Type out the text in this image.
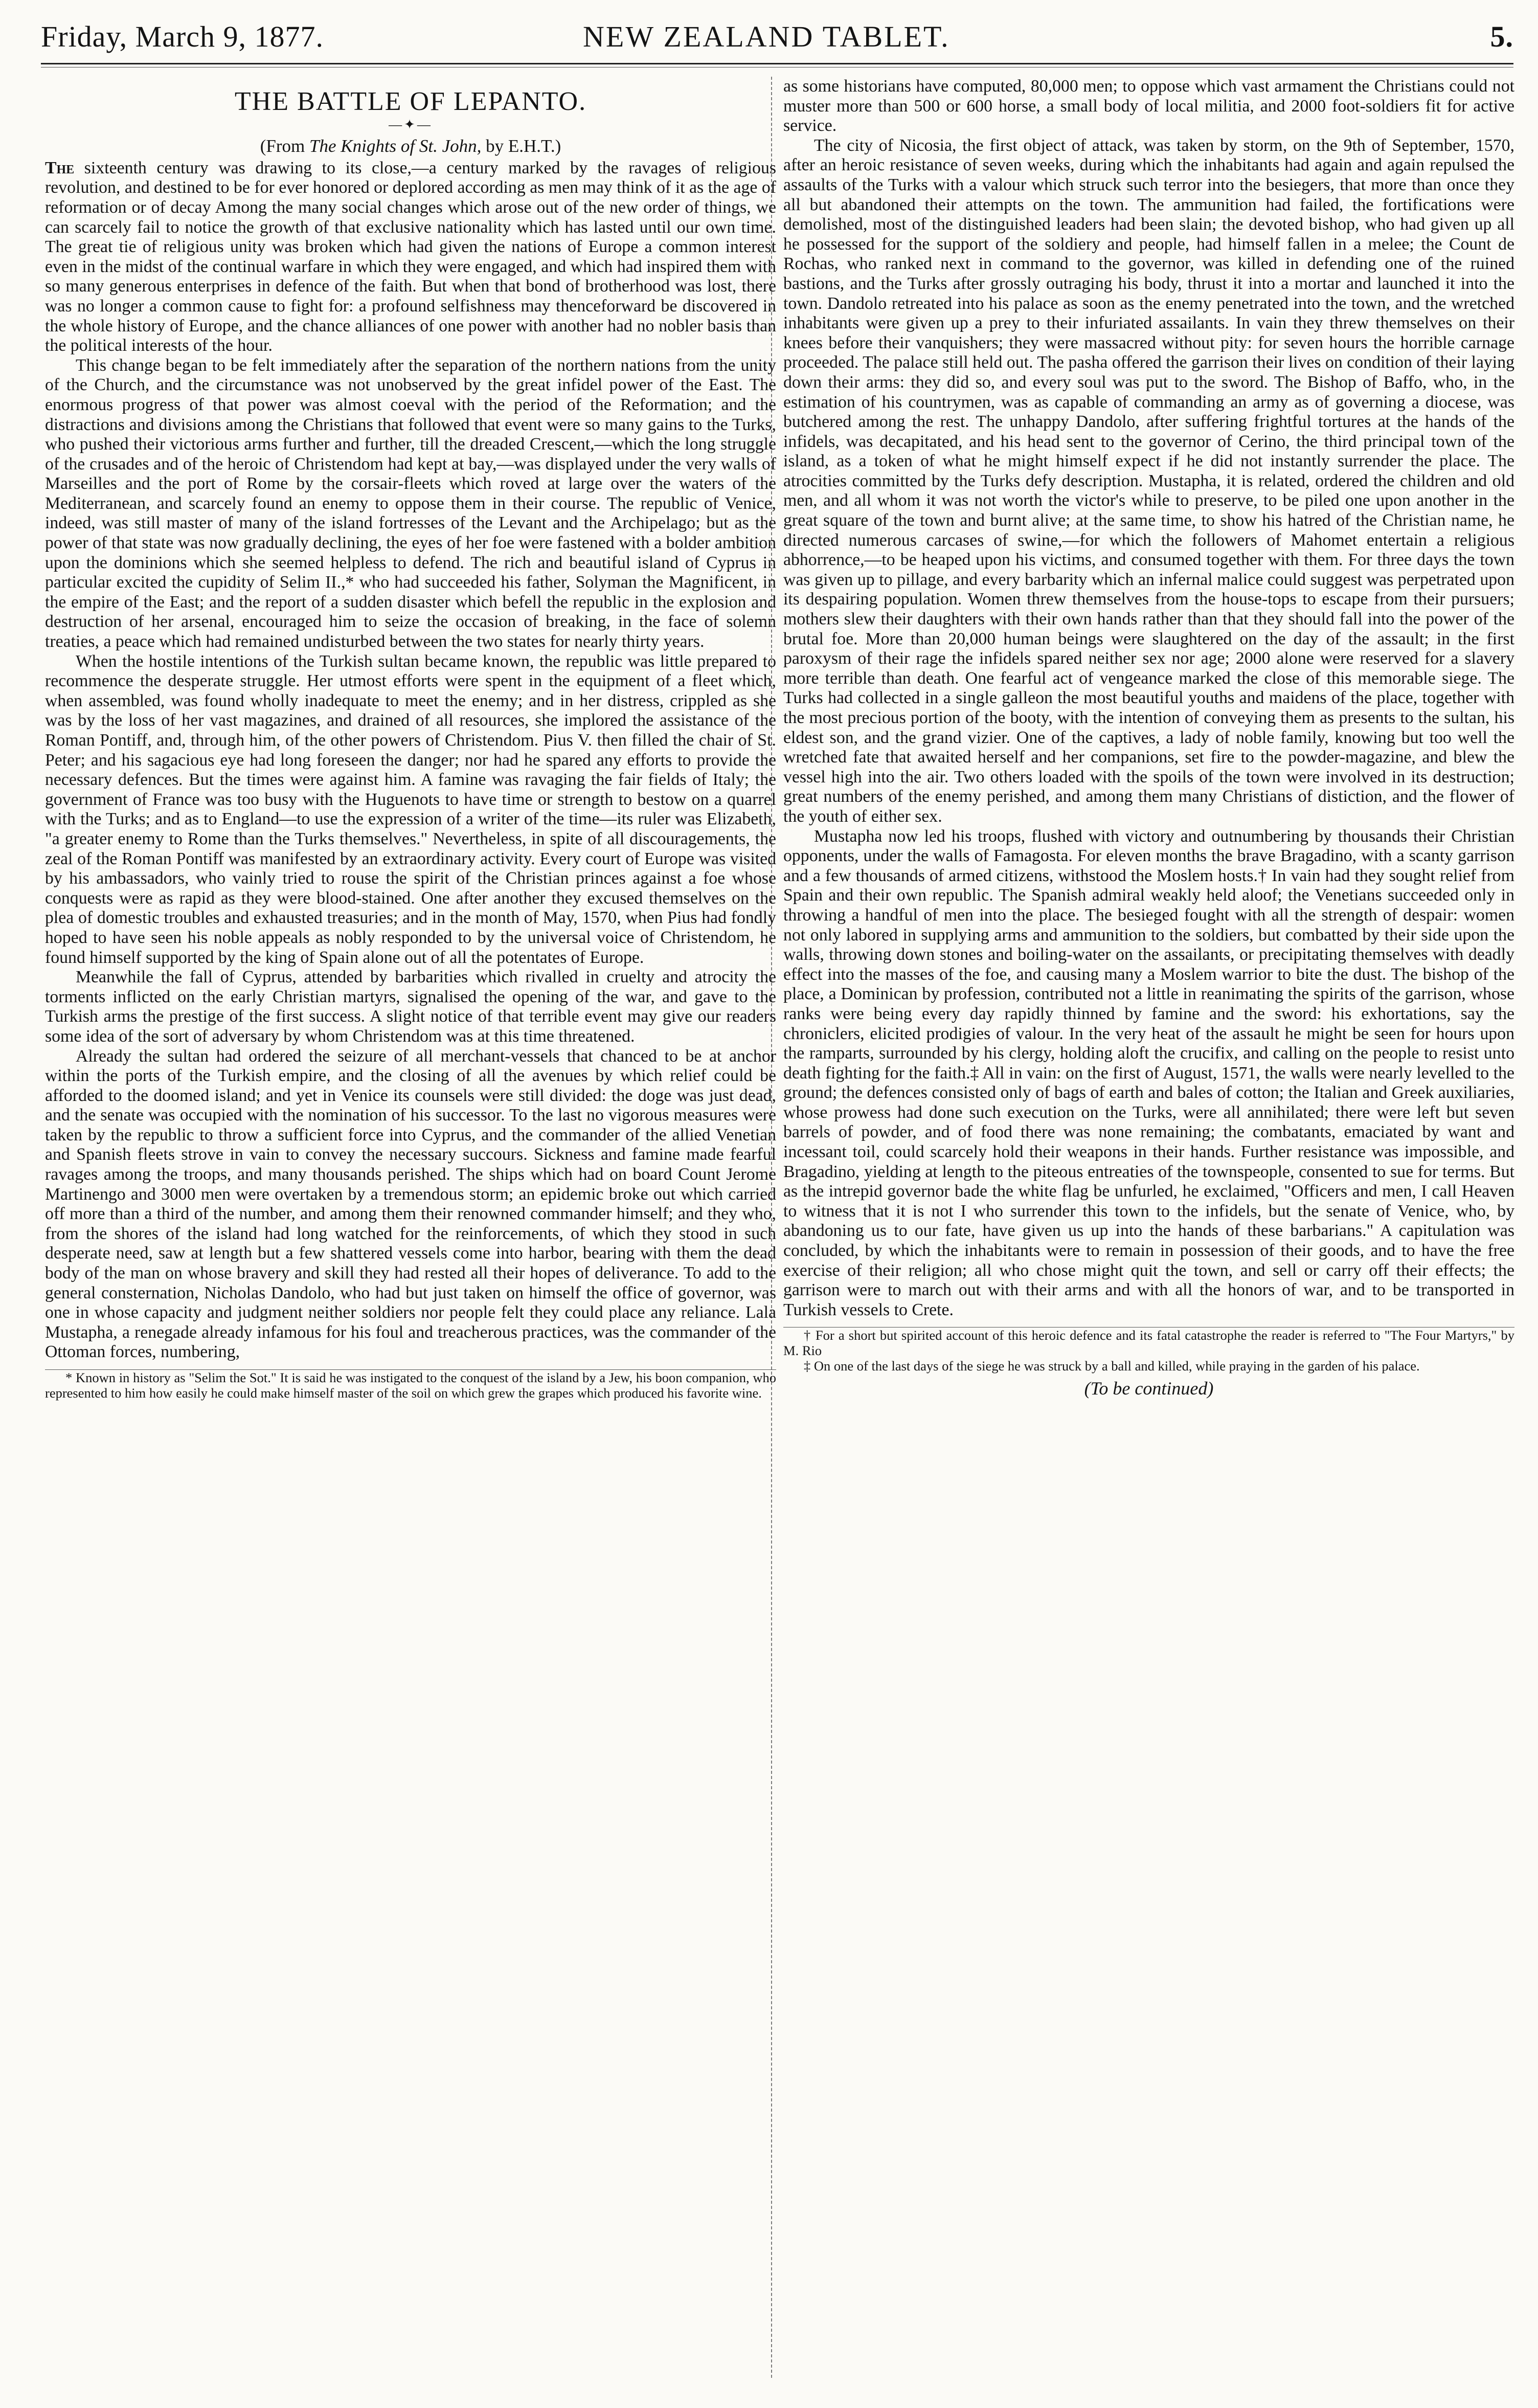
Friday, March 9, 1877.	NEW ZEALAND TABLET.	5.
THE BATTLE OF LEPANTO.
—✦—
(From The Knights of St. John, by E.H.T.)

The sixteenth century was drawing to its close,—a century marked by the ravages of religious revolution, and destined to be for ever honored or deplored according as men may think of it as the age of reformation or of decay Among the many social changes which arose out of the new order of things, we can scarcely fail to notice the growth of that exclusive nationality which has lasted until our own time. The great tie of religious unity was broken which had given the nations of Europe a common interest even in the midst of the continual warfare in which they were engaged, and which had inspired them with so many generous enterprises in defence of the faith. But when that bond of brotherhood was lost, there was no longer a common cause to fight for: a profound selfishness may thenceforward be discovered in the whole history of Europe, and the chance alliances of one power with another had no nobler basis than the political interests of the hour.

This change began to be felt immediately after the separation of the northern nations from the unity of the Church, and the circumstance was not unobserved by the great infidel power of the East. The enormous progress of that power was almost coeval with the period of the Reformation; and the distractions and divisions among the Christians that followed that event were so many gains to the Turks, who pushed their victorious arms further and further, till the dreaded Crescent,—which the long struggle of the crusades and of the heroic of Christendom had kept at bay,—was displayed under the very walls of Marseilles and the port of Rome by the corsair-fleets which roved at large over the waters of the Mediterranean, and scarcely found an enemy to oppose them in their course. The republic of Venice, indeed, was still master of many of the island fortresses of the Levant and the Archipelago; but as the power of that state was now gradually declining, the eyes of her foe were fastened with a bolder ambition upon the dominions which she seemed helpless to defend. The rich and beautiful island of Cyprus in particular excited the cupidity of Selim II.,* who had succeeded his father, Solyman the Magnificent, in the empire of the East; and the report of a sudden disaster which befell the republic in the explosion and destruction of her arsenal, encouraged him to seize the occasion of breaking, in the face of solemn treaties, a peace which had remained undisturbed between the two states for nearly thirty years.

When the hostile intentions of the Turkish sultan became known, the republic was little prepared to recommence the desperate struggle. Her utmost efforts were spent in the equipment of a fleet which, when assembled, was found wholly inadequate to meet the enemy; and in her distress, crippled as she was by the loss of her vast magazines, and drained of all resources, she implored the assistance of the Roman Pontiff, and, through him, of the other powers of Christendom. Pius V. then filled the chair of St. Peter; and his sagacious eye had long foreseen the danger; nor had he spared any efforts to provide the necessary defences. But the times were against him. A famine was ravaging the fair fields of Italy; the government of France was too busy with the Huguenots to have time or strength to bestow on a quarrel with the Turks; and as to England—to use the expression of a writer of the time—its ruler was Elizabeth, "a greater enemy to Rome than the Turks themselves." Nevertheless, in spite of all discouragements, the zeal of the Roman Pontiff was manifested by an extraordinary activity. Every court of Europe was visited by his ambassadors, who vainly tried to rouse the spirit of the Christian princes against a foe whose conquests were as rapid as they were blood-stained. One after another they excused themselves on the plea of domestic troubles and exhausted treasuries; and in the month of May, 1570, when Pius had fondly hoped to have seen his noble appeals as nobly responded to by the universal voice of Christendom, he found himself supported by the king of Spain alone out of all the potentates of Europe.

Meanwhile the fall of Cyprus, attended by barbarities which rivalled in cruelty and atrocity the torments inflicted on the early Christian martyrs, signalised the opening of the war, and gave to the Turkish arms the prestige of the first success. A slight notice of that terrible event may give our readers some idea of the sort of adversary by whom Christendom was at this time threatened.

Already the sultan had ordered the seizure of all merchant-vessels that chanced to be at anchor within the ports of the Turkish empire, and the closing of all the avenues by which relief could be afforded to the doomed island; and yet in Venice its counsels were still divided: the doge was just dead, and the senate was occupied with the nomination of his successor. To the last no vigorous measures were taken by the republic to throw a sufficient force into Cyprus, and the commander of the allied Venetian and Spanish fleets strove in vain to convey the necessary succours. Sickness and famine made fearful ravages among the troops, and many thousands perished. The ships which had on board Count Jerome Martinengo and 3000 men were overtaken by a tremendous storm; an epidemic broke out which carried off more than a third of the number, and among them their renowned commander himself; and they who, from the shores of the island had long watched for the reinforcements, of which they stood in such desperate need, saw at length but a few shattered vessels come into harbor, bearing with them the dead body of the man on whose bravery and skill they had rested all their hopes of deliverance. To add to the general consternation, Nicholas Dandolo, who had but just taken on himself the office of governor, was one in whose capacity and judgment neither soldiers nor people felt they could place any reliance. Lala Mustapha, a renegade already infamous for his foul and treacherous practices, was the commander of the Ottoman forces, numbering,

* Known in history as "Selim the Sot." It is said he was instigated to the conquest of the island by a Jew, his boon companion, who represented to him how easily he could make himself master of the soil on which grew the grapes which produced his favorite wine.

as some historians have computed, 80,000 men; to oppose which vast armament the Christians could not muster more than 500 or 600 horse, a small body of local militia, and 2000 foot-soldiers fit for active service.

The city of Nicosia, the first object of attack, was taken by storm, on the 9th of September, 1570, after an heroic resistance of seven weeks, during which the inhabitants had again and again repulsed the assaults of the Turks with a valour which struck such terror into the besiegers, that more than once they all but abandoned their attempts on the town. The ammunition had failed, the fortifications were demolished, most of the distinguished leaders had been slain; the devoted bishop, who had given up all he possessed for the support of the soldiery and people, had himself fallen in a melee; the Count de Rochas, who ranked next in command to the governor, was killed in defending one of the ruined bastions, and the Turks after grossly outraging his body, thrust it into a mortar and launched it into the town. Dandolo retreated into his palace as soon as the enemy penetrated into the town, and the wretched inhabitants were given up a prey to their infuriated assailants. In vain they threw themselves on their knees before their vanquishers; they were massacred without pity: for seven hours the horrible carnage proceeded. The palace still held out. The pasha offered the garrison their lives on condition of their laying down their arms: they did so, and every soul was put to the sword. The Bishop of Baffo, who, in the estimation of his countrymen, was as capable of commanding an army as of governing a diocese, was butchered among the rest. The unhappy Dandolo, after suffering frightful tortures at the hands of the infidels, was decapitated, and his head sent to the governor of Cerino, the third principal town of the island, as a token of what he might himself expect if he did not instantly surrender the place. The atrocities committed by the Turks defy description. Mustapha, it is related, ordered the children and old men, and all whom it was not worth the victor's while to preserve, to be piled one upon another in the great square of the town and burnt alive; at the same time, to show his hatred of the Christian name, he directed numerous carcases of swine,—for which the followers of Mahomet entertain a religious abhorrence,—to be heaped upon his victims, and consumed together with them. For three days the town was given up to pillage, and every barbarity which an infernal malice could suggest was perpetrated upon its despairing population. Women threw themselves from the house-tops to escape from their pursuers; mothers slew their daughters with their own hands rather than that they should fall into the power of the brutal foe. More than 20,000 human beings were slaughtered on the day of the assault; in the first paroxysm of their rage the infidels spared neither sex nor age; 2000 alone were reserved for a slavery more terrible than death. One fearful act of vengeance marked the close of this memorable siege. The Turks had collected in a single galleon the most beautiful youths and maidens of the place, together with the most precious portion of the booty, with the intention of conveying them as presents to the sultan, his eldest son, and the grand vizier. One of the captives, a lady of noble family, knowing but too well the wretched fate that awaited herself and her companions, set fire to the powder-magazine, and blew the vessel high into the air. Two others loaded with the spoils of the town were involved in its destruction; great numbers of the enemy perished, and among them many Christians of distiction, and the flower of the youth of either sex.

Mustapha now led his troops, flushed with victory and outnumbering by thousands their Christian opponents, under the walls of Famagosta. For eleven months the brave Bragadino, with a scanty garrison and a few thousands of armed citizens, withstood the Moslem hosts.† In vain had they sought relief from Spain and their own republic. The Spanish admiral weakly held aloof; the Venetians succeeded only in throwing a handful of men into the place. The besieged fought with all the strength of despair: women not only labored in supplying arms and ammunition to the soldiers, but combatted by their side upon the walls, throwing down stones and boiling-water on the assailants, or precipitating themselves with deadly effect into the masses of the foe, and causing many a Moslem warrior to bite the dust. The bishop of the place, a Dominican by profession, contributed not a little in reanimating the spirits of the garrison, whose ranks were being every day rapidly thinned by famine and the sword: his exhortations, say the chroniclers, elicited prodigies of valour. In the very heat of the assault he might be seen for hours upon the ramparts, surrounded by his clergy, holding aloft the crucifix, and calling on the people to resist unto death fighting for the faith.‡ All in vain: on the first of August, 1571, the walls were nearly levelled to the ground; the defences consisted only of bags of earth and bales of cotton; the Italian and Greek auxiliaries, whose prowess had done such execution on the Turks, were all annihilated; there were left but seven barrels of powder, and of food there was none remaining; the combatants, emaciated by want and incessant toil, could scarcely hold their weapons in their hands. Further resistance was impossible, and Bragadino, yielding at length to the piteous entreaties of the townspeople, consented to sue for terms. But as the intrepid governor bade the white flag be unfurled, he exclaimed, "Officers and men, I call Heaven to witness that it is not I who surrender this town to the infidels, but the senate of Venice, who, by abandoning us to our fate, have given us up into the hands of these barbarians." A capitulation was concluded, by which the inhabitants were to remain in possession of their goods, and to have the free exercise of their religion; all who chose might quit the town, and sell or carry off their effects; the garrison were to march out with their arms and with all the honors of war, and to be transported in Turkish vessels to Crete.

† For a short but spirited account of this heroic defence and its fatal catastrophe the reader is referred to "The Four Martyrs," by M. Rio

‡ On one of the last days of the siege he was struck by a ball and killed, while praying in the garden of his palace.

(To be continued)
